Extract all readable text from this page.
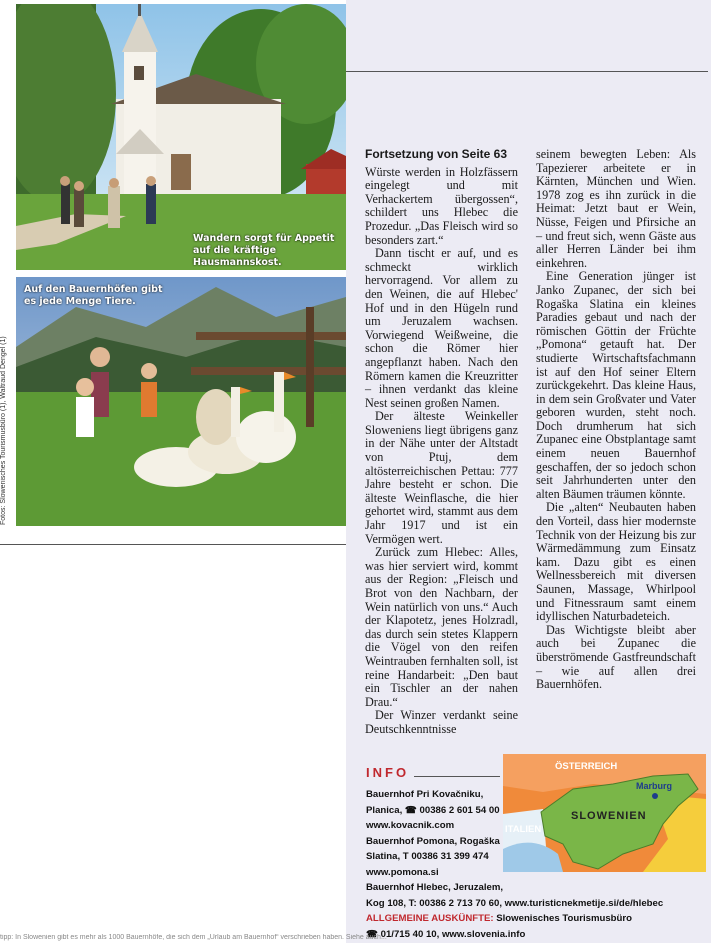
Wandern sorgt für Appetit auf die kräftige Hausmannskost.
Auf den Bauernhöfen gibt es jede Menge Tiere.
Fotos: Slowenisches Tourismusbüro (1), Waltraud Dengel (1)
Fortsetzung von Seite 63

Würste werden in Holzfässern eingelegt und mit Verhackertem übergossen“, schildert uns Hlebec die Prozedur. „Das Fleisch wird so besonders zart.“

Dann tischt er auf, und es schmeckt wirklich hervorragend. Vor allem zu den Weinen, die auf Hlebec' Hof und in den Hügeln rund um Jeruzalem wachsen. Vorwiegend Weißweine, die schon die Römer hier angepflanzt haben. Nach den Römern kamen die Kreuzritter – ihnen verdankt das kleine Nest seinen großen Namen.

Der älteste Weinkeller Sloweniens liegt übrigens ganz in der Nähe unter der Altstadt von Ptuj, dem altösterreichischen Pettau: 777 Jahre besteht er schon. Die älteste Weinflasche, die hier gehortet wird, stammt aus dem Jahr 1917 und ist ein Vermögen wert.

Zurück zum Hlebec: Alles, was hier serviert wird, kommt aus der Region: „Fleisch und Brot von den Nachbarn, der Wein natürlich von uns.“ Auch der Klapotetz, jenes Holzradl, das durch sein stetes Klappern die Vögel von den reifen Weintrauben fernhalten soll, ist reine Handarbeit: „Den baut ein Tischler an der nahen Drau.“

Der Winzer verdankt seine Deutschkenntnisse

seinem bewegten Leben: Als Tapezierer arbeitete er in Kärnten, München und Wien. 1978 zog es ihn zurück in die Heimat: Jetzt baut er Wein, Nüsse, Feigen und Pfirsiche an – und freut sich, wenn Gäste aus aller Herren Länder bei ihm einkehren.

Eine Generation jünger ist Janko Zupanec, der sich bei Rogaška Slatina ein kleines Paradies gebaut und nach der römischen Göttin der Früchte „Pomona“ getauft hat. Der studierte Wirtschaftsfachmann ist auf den Hof seiner Eltern zurückgekehrt. Das kleine Haus, in dem sein Großvater und Vater geboren wurden, steht noch. Doch drumherum hat sich Zupanec eine Obstplantage samt einem neuen Bauernhof geschaffen, der so jedoch schon seit Jahrhunderten unter den alten Bäumen träumen könnte.

Die „alten“ Neubauten haben den Vorteil, dass hier modernste Technik von der Heizung bis zur Wärmedämmung zum Einsatz kam. Dazu gibt es einen Wellnessbereich mit diversen Saunen, Massage, Whirlpool und Fitnessraum samt einem idyllischen Naturbadeteich.

Das Wichtigste bleibt aber auch bei Zupanec die überströmende Gastfreundschaft – wie auf allen drei Bauernhöfen.

INFO
Bauernhof Pri Kovačniku,
Planica, ☎ 00386 2 601 54 00
www.kovacnik.com
Bauernhof Pomona, Rogaška
Slatina, T 00386 31 399 474
www.pomona.si
Bauernhof Hlebec, Jeruzalem,
Kog 108, T: 00386 2 713 70 60, www.turisticnekmetije.si/de/hlebec
ALLGEMEINE AUSKÜNFTE: Slowenisches Tourismusbüro
☎ 01/715 40 10, www.slovenia.info
ÖSTERREICH
ITALIEN
SLOWENIEN
Marburg
tipp: In Slowenien gibt es mehr als 1000 Bauernhöfe, die sich dem „Urlaub am Bauernhof“ verschrieben haben. Siehe auch...
